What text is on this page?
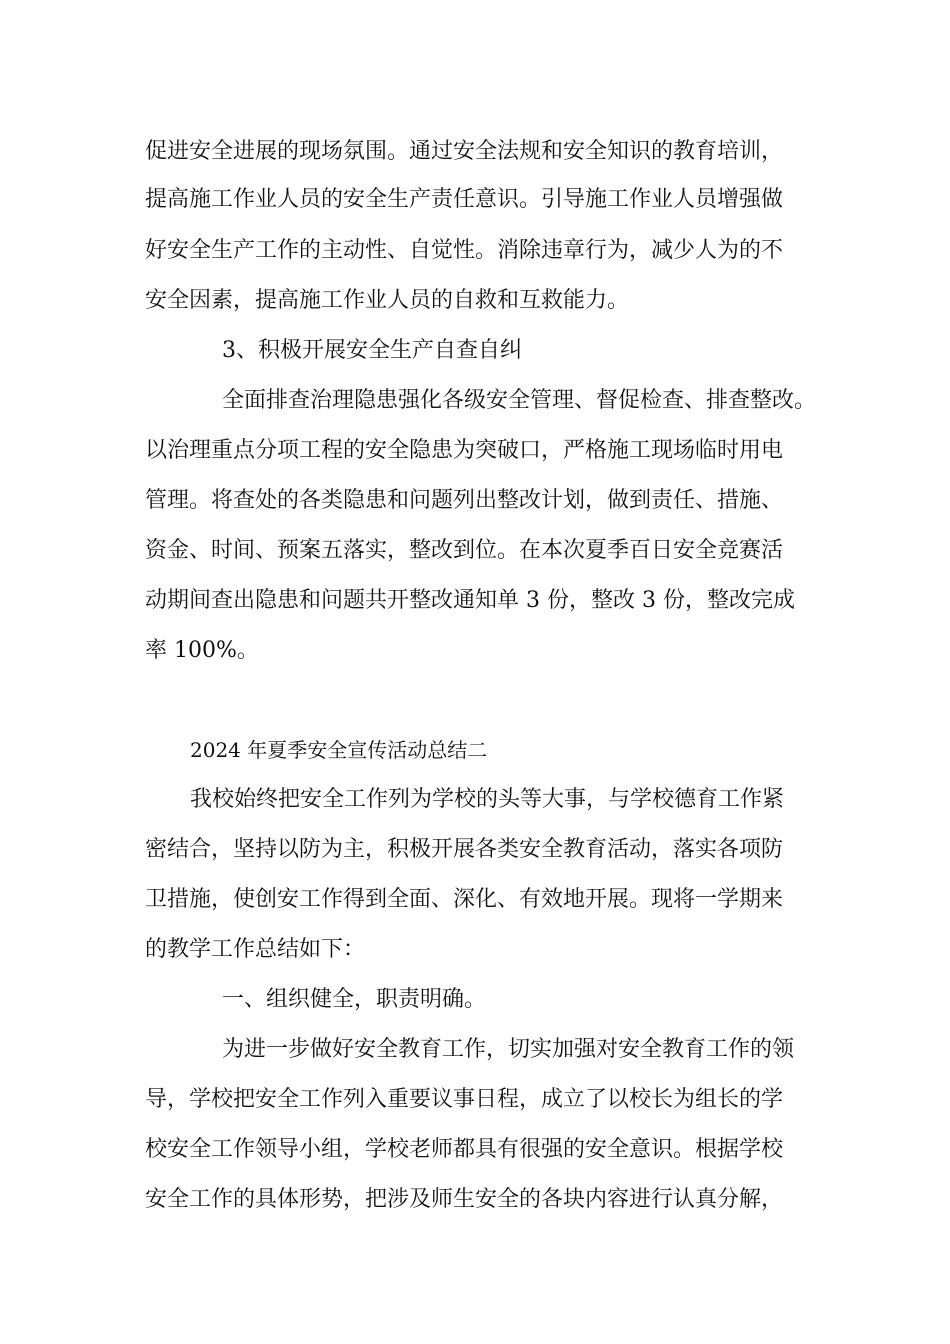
促进安全进展的现场氛围。通过安全法规和安全知识的教育培训，
提高施工作业人员的安全生产责任意识。引导施工作业人员增强做
好安全生产工作的主动性、自觉性。消除违章行为，减少人为的不
安全因素，提高施工作业人员的自救和互救能力。
3、积极开展安全生产自查自纠
全面排查治理隐患强化各级安全管理、督促检查、排查整改。
以治理重点分项工程的安全隐患为突破口，严格施工现场临时用电
管理。将查处的各类隐患和问题列出整改计划，做到责任、措施、
资金、时间、预案五落实，整改到位。在本次夏季百日安全竞赛活
动期间查出隐患和问题共开整改通知单 3 份，整改 3 份，整改完成
率 100%。
2024 年夏季安全宣传活动总结二
我校始终把安全工作列为学校的头等大事，与学校德育工作紧
密结合，坚持以防为主，积极开展各类安全教育活动，落实各项防
卫措施，使创安工作得到全面、深化、有效地开展。现将一学期来
的教学工作总结如下：
一、组织健全，职责明确。
为进一步做好安全教育工作，切实加强对安全教育工作的领
导，学校把安全工作列入重要议事日程，成立了以校长为组长的学
校安全工作领导小组，学校老师都具有很强的安全意识。根据学校
安全工作的具体形势，把涉及师生安全的各块内容进行认真分解，
